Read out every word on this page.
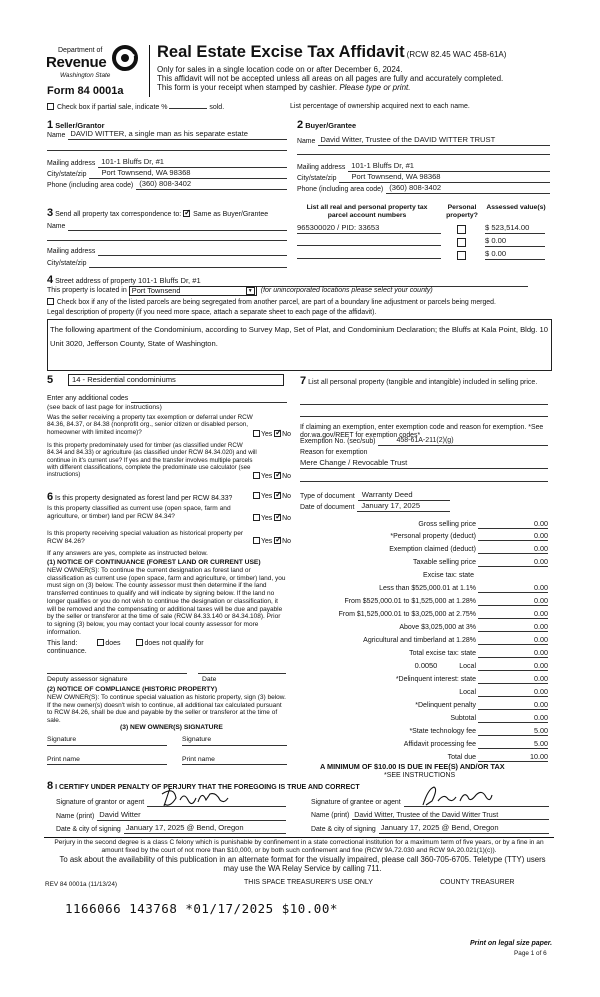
Department of
Revenue
Washington State
Form 84 0001a
Real Estate Excise Tax Affidavit (RCW 82.45 WAC 458-61A)
Only for sales in a single location code on or after December 6, 2024.
This affidavit will not be accepted unless all areas on all pages are fully and accurately completed.
This form is your receipt when stamped by cashier. Please type or print.
Check box if partial sale, indicate %	sold.	List percentage of ownership acquired next to each name.
1 Seller/Grantor
Name DAVID WITTER, a single man as his separate estate
Mailing address 101-1 Bluffs Dr, #1
City/state/zip	Port Townsend, WA 98368
Phone (including area code) (360) 808-3402
2 Buyer/Grantee
Name David Witter, Trustee of the DAVID WITTER TRUST
Mailing address 101-1 Bluffs Dr, #1
City/state/zip	Port Townsend, WA 98368
Phone (including area code) (360) 808-3402
3 Send all property tax correspondence to: ✓ Same as Buyer/Grantee
Name
Mailing address
City/state/zip
List all real and personal property tax parcel account numbers
Personal property?
Assessed value(s)
965300020 / PID: 33653	$ 523,514.00
$ 0.00
$ 0.00
4 Street address of property 101-1 Bluffs Dr, #1
This property is located in Port Townsend	▼ (for unincorporated locations please select your county)
Check box if any of the listed parcels are being segregated from another parcel, are part of a boundary line adjustment or parcels being merged.
Legal description of property (if you need more space, attach a separate sheet to each page of the affidavit).
The following apartment of the Condominium, according to Survey Map, Set of Plat, and Condominium Declaration; the Bluffs at Kala Point, Bldg. 10 Unit 3020, Jefferson County, State of Washington.
5	14 - Residential condominiums
Enter any additional codes
(see back of last page for instructions)
Was the seller receiving a property tax exemption or deferral under RCW 84.36, 84.37, or 84.38 (nonprofit org., senior citizen or disabled person, homeowner with limited income)?	Yes ✓ No
Is this property predominately used for timber (as classified under RCW 84.34 and 84.33) or agriculture (as classified under RCW 84.34.020) and will continue in it's current use? If yes and the transfer involves multiple parcels with different classifications, complete the predominate use calculator (see instructions)	Yes ✓ No
6 Is this property designated as forest land per RCW 84.33?	Yes ✓ No
Is this property classified as current use (open space, farm and agriculture, or timber) land per RCW 84.34?	Yes ✓ No
Is this property receiving special valuation as historical property per RCW 84.26?	Yes ✓ No
If any answers are yes, complete as instructed below.
(1) NOTICE OF CONTINUANCE (FOREST LAND OR CURRENT USE)
NEW OWNER(S): To continue the current designation as forest land or classification as current use (open space, farm and agriculture, or timber) land, you must sign on (3) below. The county assessor must then determine if the land transferred continues to qualify and will indicate by signing below. If the land no longer qualifies or you do not wish to continue the designation or classification, it will be removed and the compensating or additional taxes will be due and payable by the seller or transferor at the time of sale (RCW 84.33.140 or 84.34.108). Prior to signing (3) below, you may contact your local county assessor for more information.
This land:	does	does not qualify for
continuance.
Deputy assessor signature	Date
(2) NOTICE OF COMPLIANCE (HISTORIC PROPERTY)
NEW OWNER(S): To continue special valuation as historic property, sign (3) below. If the new owner(s) doesn't wish to continue, all additional tax calculated pursuant to RCW 84.26, shall be due and payable by the seller or transferor at the time of sale.
(3) NEW OWNER(S) SIGNATURE
Signature	Signature
Print name	Print name
7 List all personal property (tangible and intangible) included in selling price.
If claiming an exemption, enter exemption code and reason for exemption. *See dor.wa.gov/REET for exemption codes*
Exemption No. (sec/sub)	458-61A-211(2)(g)
Reason for exemption
Mere Change / Revocable Trust
Type of document Warranty Deed
Date of document January 17, 2025
Gross selling price	0.00
*Personal property (deduct)	0.00
Exemption claimed (deduct)	0.00
Taxable selling price	0.00
Excise tax: state
Less than $525,000.01 at 1.1%	0.00
From $525,000.01 to $1,525,000 at 1.28%	0.00
From $1,525,000.01 to $3,025,000 at 2.75%	0.00
Above $3,025,000 at 3%	0.00
Agricultural and timberland at 1.28%	0.00
Total excise tax: state	0.00
0.0050	Local	0.00
*Delinquent interest: state	0.00
Local	0.00
*Delinquent penalty	0.00
Subtotal	0.00
*State technology fee	5.00
Affidavit processing fee	5.00
Total due	10.00
A MINIMUM OF $10.00 IS DUE IN FEE(S) AND/OR TAX
*SEE INSTRUCTIONS
8 I CERTIFY UNDER PENALTY OF PERJURY THAT THE FOREGOING IS TRUE AND CORRECT
Signature of grantor or agent	Signature of grantee or agent
Name (print) David Witter	Name (print) David Witter, Trustee of the David Witter Trust
Date & city of signing January 17, 2025 @ Bend, Oregon	Date & city of signing January 17, 2025 @ Bend, Oregon
Perjury in the second degree is a class C felony which is punishable by confinement in a state correctional institution for a maximum term of five years, or by a fine in an amount fixed by the court of not more than $10,000, or by both such confinement and fine (RCW 9A.72.030 and RCW 9A.20.021(1)(c)).
To ask about the availability of this publication in an alternate format for the visually impaired, please call 360-705-6705. Teletype (TTY) users may use the WA Relay Service by calling 711.
REV 84 0001a (11/13/24)	THIS SPACE TREASURER'S USE ONLY	COUNTY TREASURER
1166066 143768 *01/17/2025 $10.00*
Print on legal size paper.
Page 1 of 6
